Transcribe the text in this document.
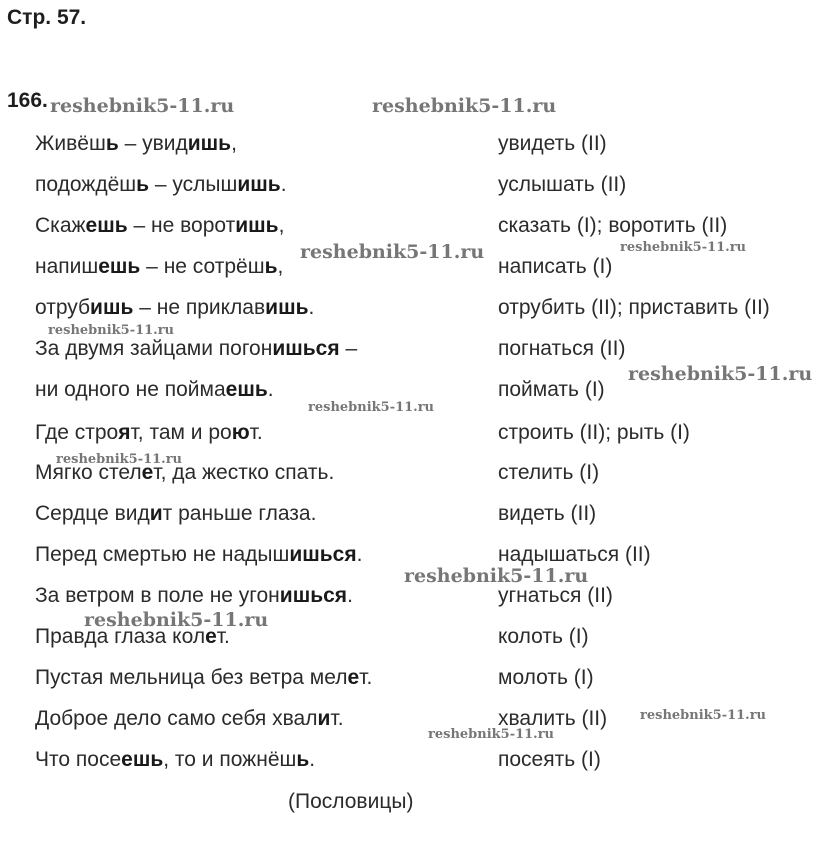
Стр. 57.
166.
Живёшь – увидишь,	увидеть (II)
подождёшь – услышишь.	услышать (II)
Скажешь – не воротишь,	сказать (I); воротить (II)
напишешь – не сотрёшь,	написать (I)
отрубишь – не приклавишь.	отрубить (II); приставить (II)
За двумя зайцами погонишься –	погнаться (II)
ни одного не поймаешь.	поймать (I)
Где строят, там и роют.	строить (II); рыть (I)
Мягко стелет, да жестко спать.	стелить (I)
Сердце видит раньше глаза.	видеть (II)
Перед смертью не надышишься.	надышаться (II)
За ветром в поле не угонишься.	угнаться (II)
Правда глаза колет.	колоть (I)
Пустая мельница без ветра мелет.	молоть (I)
Доброе дело само себя хвалит.	хвалить (II)
Что посеешь, то и пожнёшь.	посеять (I)
(Пословицы)
reshebnik5-11.ru	reshebnik5-11.ru
reshebnik5-11.ru	reshebnik5-11.ru
reshebnik5-11.ru
reshebnik5-11.ru
reshebnik5-11.ru
reshebnik5-11.ru
reshebnik5-11.ru
reshebnik5-11.ru
reshebnik5-11.ru
reshebnik5-11.ru
